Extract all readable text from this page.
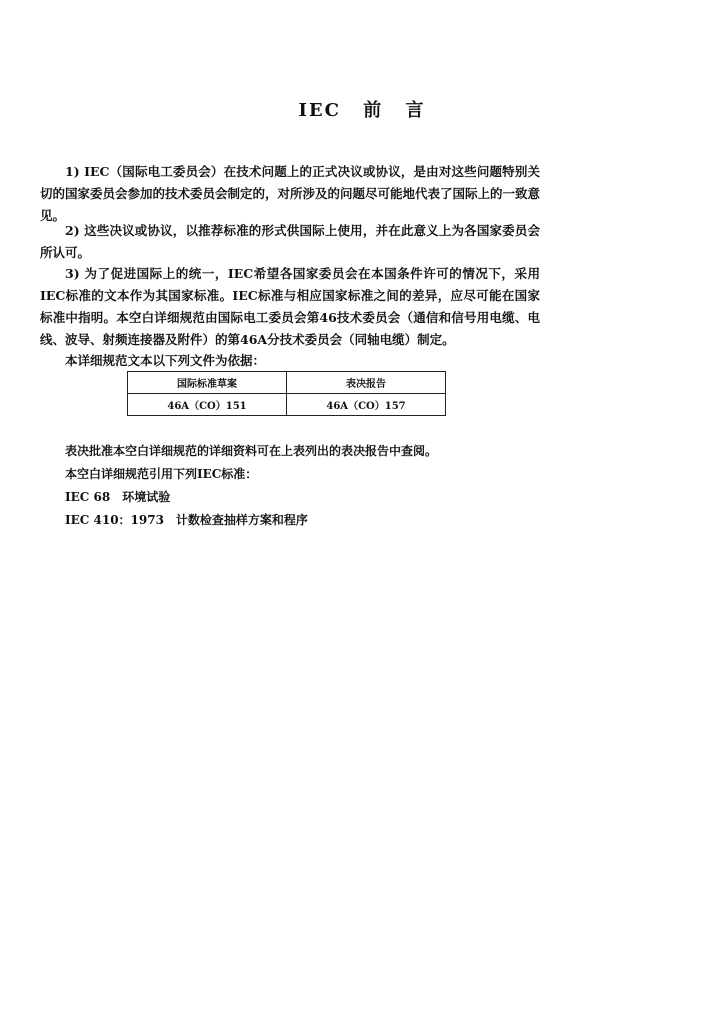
IEC 前 言

1) IEC（国际电工委员会）在技术问题上的正式决议或协议，是由对这些问题特别关切的国家委员会参加的技术委员会制定的，对所涉及的问题尽可能地代表了国际上的一致意见。

2) 这些决议或协议，以推荐标准的形式供国际上使用，并在此意义上为各国家委员会所认可。

3) 为了促进国际上的统一，IEC希望各国家委员会在本国条件许可的情况下，采用IEC标准的文本作为其国家标准。IEC标准与相应国家标准之间的差异，应尽可能在国家标准中指明。本空白详细规范由国际电工委员会第46技术委员会（通信和信号用电缆、电线、波导、射频连接器及附件）的第46A分技术委员会（同轴电缆）制定。

本详细规范文本以下列文件为依据：

国际标准草案	表决报告
46A（CO）151	46A（CO）157
表决批准本空白详细规范的详细资料可在上表列出的表决报告中查阅。
本空白详细规范引用下列IEC标准：
IEC 68　环境试验
IEC 410：1973　计数检查抽样方案和程序
